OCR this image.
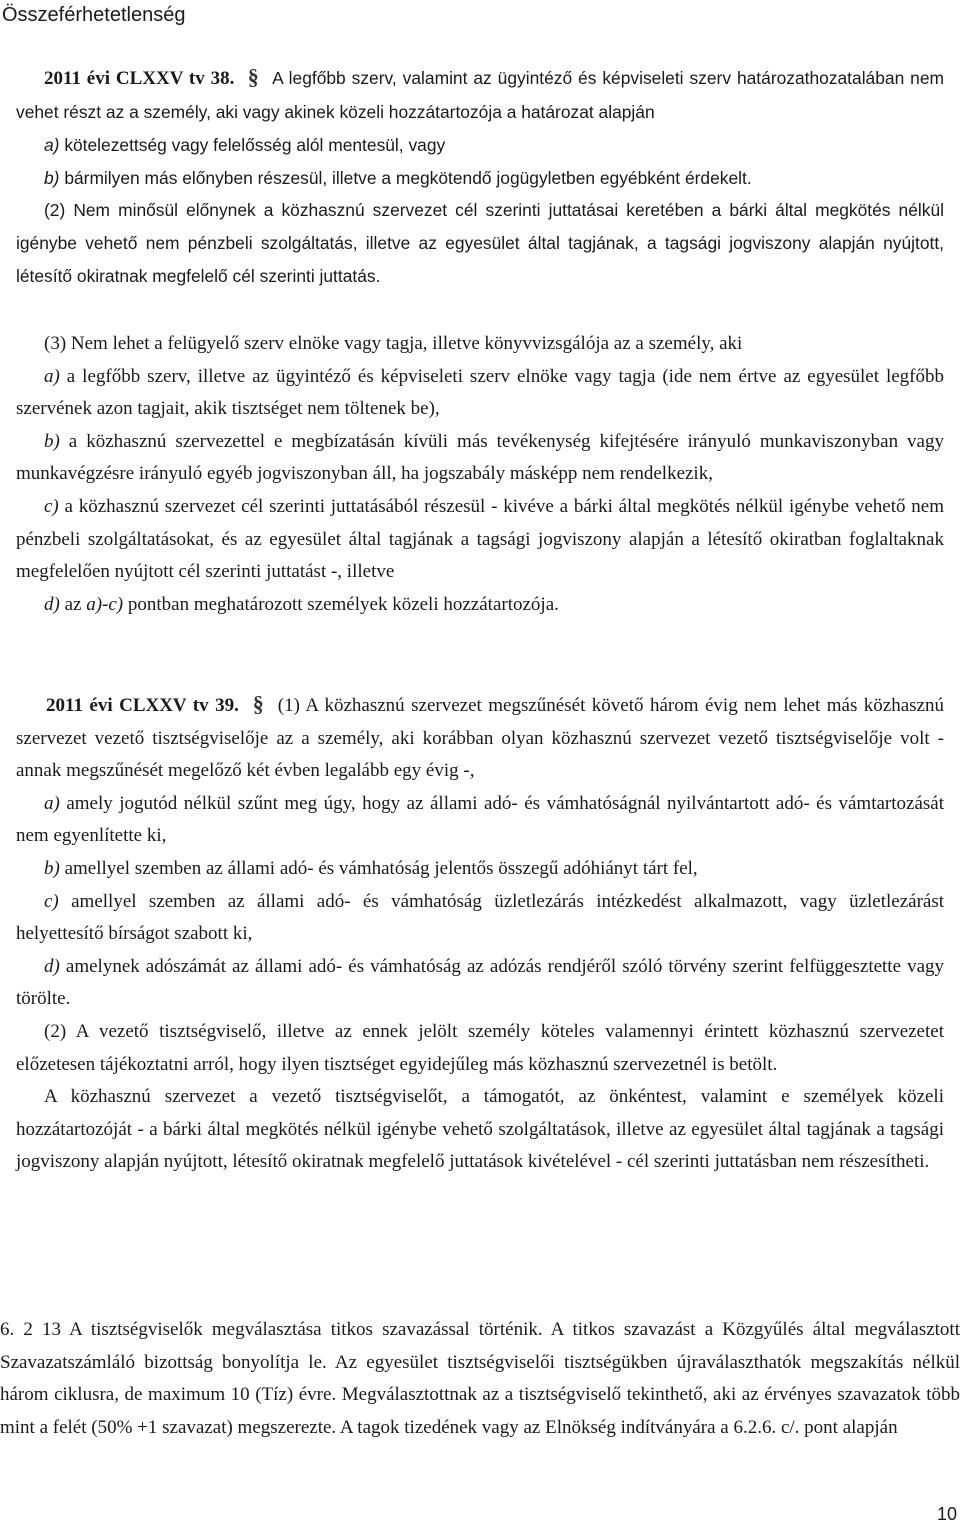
Összeférhetetlenség

2011 évi CLXXV tv 38. § A legfőbb szerv, valamint az ügyintéző és képviseleti szerv határozathozatalában nem vehet részt az a személy, aki vagy akinek közeli hozzátartozója a határozat alapján

a) kötelezettség vagy felelősség alól mentesül, vagy

b) bármilyen más előnyben részesül, illetve a megkötendő jogügyletben egyébként érdekelt.

(2) Nem minősül előnynek a közhasznú szervezet cél szerinti juttatásai keretében a bárki által megkötés nélkül igénybe vehető nem pénzbeli szolgáltatás, illetve az egyesület által tagjának, a tagsági jogviszony alapján nyújtott, létesítő okiratnak megfelelő cél szerinti juttatás.

(3) Nem lehet a felügyelő szerv elnöke vagy tagja, illetve könyvvizsgálója az a személy, aki

a) a legfőbb szerv, illetve az ügyintéző és képviseleti szerv elnöke vagy tagja (ide nem értve az egyesület legfőbb szervének azon tagjait, akik tisztséget nem töltenek be),

b) a közhasznú szervezettel e megbízatásán kívüli más tevékenység kifejtésére irányuló munkaviszonyban vagy munkavégzésre irányuló egyéb jogviszonyban áll, ha jogszabály másképp nem rendelkezik,

c) a közhasznú szervezet cél szerinti juttatásából részesül - kivéve a bárki által megkötés nélkül igénybe vehető nem pénzbeli szolgáltatásokat, és az egyesület által tagjának a tagsági jogviszony alapján a létesítő okiratban foglaltaknak megfelelően nyújtott cél szerinti juttatást -, illetve

d) az a)-c) pontban meghatározott személyek közeli hozzátartozója.

2011 évi CLXXV tv 39. § (1) A közhasznú szervezet megszűnését követő három évig nem lehet más közhasznú szervezet vezető tisztségviselője az a személy, aki korábban olyan közhasznú szervezet vezető tisztségviselője volt - annak megszűnését megelőző két évben legalább egy évig -,

a) amely jogutód nélkül szűnt meg úgy, hogy az állami adó- és vámhatóságnál nyilvántartott adó- és vámtartozását nem egyenlítette ki,

b) amellyel szemben az állami adó- és vámhatóság jelentős összegű adóhiányt tárt fel,

c) amellyel szemben az állami adó- és vámhatóság üzletlezárás intézkedést alkalmazott, vagy üzletlezárást helyettesítő bírságot szabott ki,

d) amelynek adószámát az állami adó- és vámhatóság az adózás rendjéről szóló törvény szerint felfüggesztette vagy törölte.

(2) A vezető tisztségviselő, illetve az ennek jelölt személy köteles valamennyi érintett közhasznú szervezetet előzetesen tájékoztatni arról, hogy ilyen tisztséget egyidejűleg más közhasznú szervezetnél is betölt.

A közhasznú szervezet a vezető tisztségviselőt, a támogatót, az önkéntest, valamint e személyek közeli hozzátartozóját - a bárki által megkötés nélkül igénybe vehető szolgáltatások, illetve az egyesület által tagjának a tagsági jogviszony alapján nyújtott, létesítő okiratnak megfelelő juttatások kivételével - cél szerinti juttatásban nem részesítheti.

6. 2 13 A tisztségviselők megválasztása titkos szavazással történik. A titkos szavazást a Közgyűlés által megválasztott Szavazatszámláló bizottság bonyolítja le. Az egyesület tisztségviselői tisztségükben újraválaszthatók megszakítás nélkül három ciklusra, de maximum 10 (Tíz) évre. Megválasztottnak az a tisztségviselő tekinthető, aki az érvényes szavazatok több mint a felét (50% +1 szavazat) megszerezte. A tagok tizedének vagy az Elnökség indítványára a 6.2.6. c/. pont alapján

10
